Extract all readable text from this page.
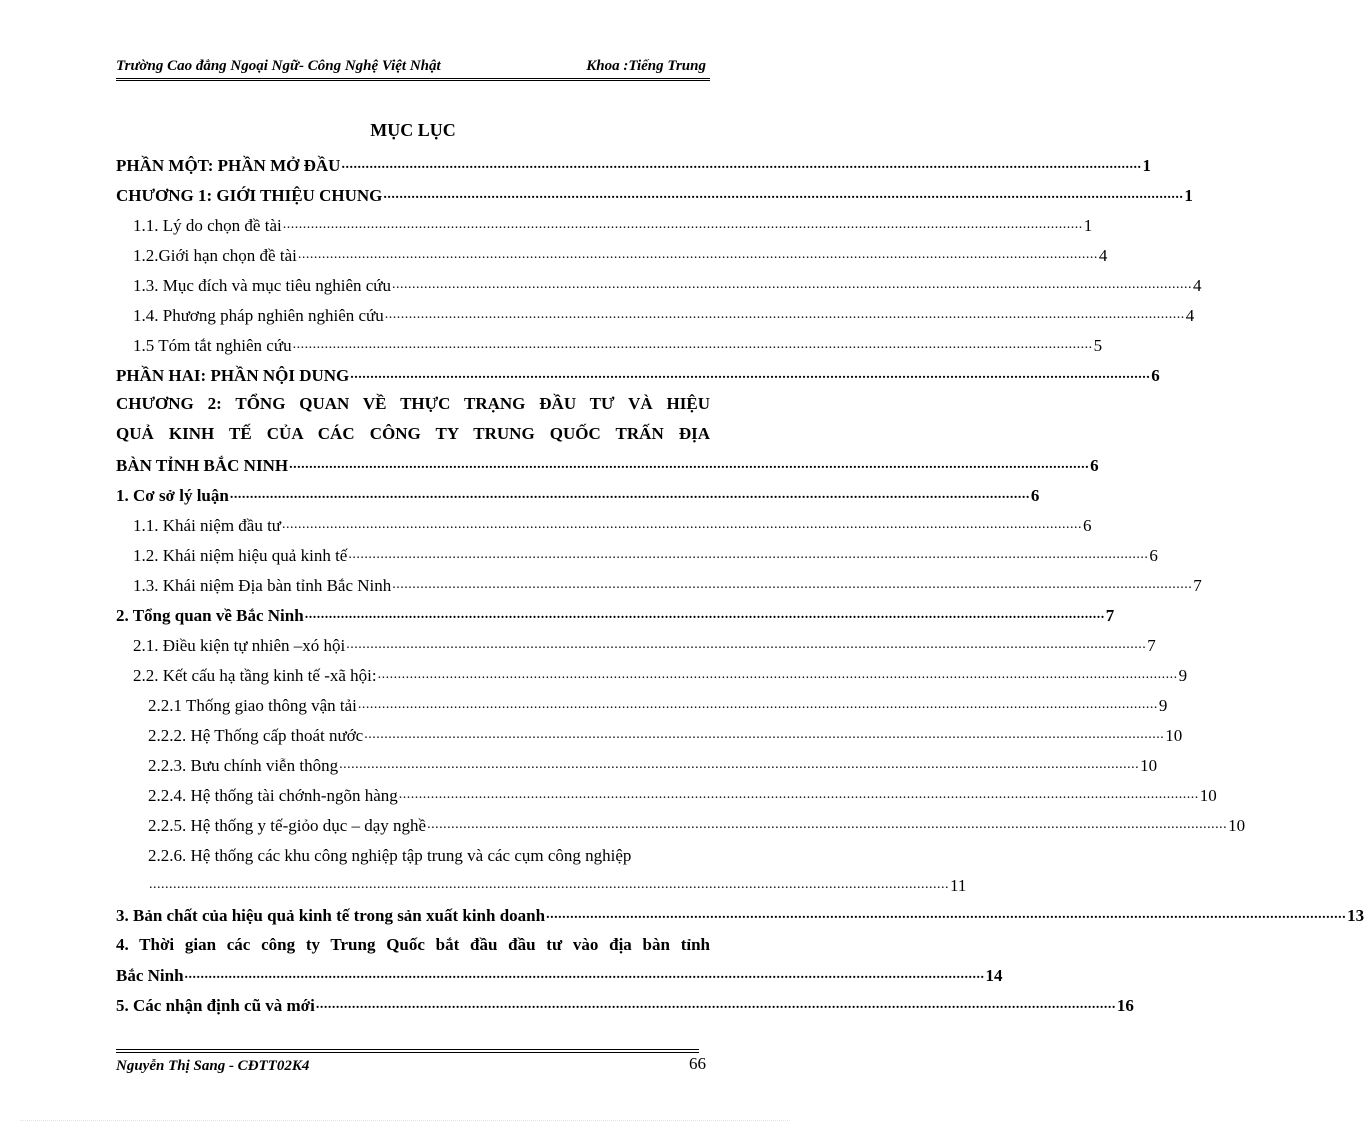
Trường Cao đẳng Ngoại Ngữ- Công Nghệ Việt Nhật	Khoa :Tiếng Trung
MỤC LỤC
PHẦN MỘT: PHẦN MỞ ĐẦU ........................................................................................................................................................................................................ 1
CHƯƠNG 1: GIỚI THIỆU CHUNG ........................................................................................................................................................................................................ 1
1.1. Lý do chọn đề tài ........................................................................................................................................................................................................ 1
1.2.Giới hạn chọn đề tài ........................................................................................................................................................................................................ 4
1.3. Mục đích và mục tiêu nghiên cứu ........................................................................................................................................................................................................ 4
1.4. Phương pháp nghiên nghiên cứu ........................................................................................................................................................................................................ 4
1.5 Tóm tắt nghiên cứu ........................................................................................................................................................................................................ 5
PHẦN HAI: PHẦN NỘI DUNG ........................................................................................................................................................................................................ 6
CHƯƠNG 2: TỔNG QUAN VỀ THỰC TRẠNG ĐẦU TƯ VÀ HIỆU
QUẢ KINH TẾ CỦA CÁC CÔNG TY TRUNG QUỐC TRẤN ĐỊA
BÀN TỈNH BẮC NINH ........................................................................................................................................................................................................ 6
1. Cơ sở lý luận ........................................................................................................................................................................................................ 6
1.1. Khái niệm đầu tư ........................................................................................................................................................................................................ 6
1.2. Khái niệm hiệu quả kinh tế ........................................................................................................................................................................................................ 6
1.3. Khái niệm Địa bàn tỉnh Bắc Ninh ........................................................................................................................................................................................................ 7
2. Tổng quan về Bắc Ninh ........................................................................................................................................................................................................ 7
2.1. Điều kiện tự nhiên –xó hội ........................................................................................................................................................................................................ 7
2.2. Kết cấu hạ tầng kinh tế -xã hội: ........................................................................................................................................................................................................ 9
2.2.1 Thống giao thông vận tải ........................................................................................................................................................................................................ 9
2.2.2. Hệ Thống cấp thoát nước ........................................................................................................................................................................................................ 10
2.2.3. Bưu chính viễn thông ........................................................................................................................................................................................................ 10
2.2.4. Hệ thống tài chớnh-ngõn hàng ........................................................................................................................................................................................................ 10
2.2.5. Hệ thống y tế-giỏo dục – dạy nghề ........................................................................................................................................................................................................ 10
2.2.6. Hệ thống các khu công nghiệp tập trung và các cụm công nghiệp
........................................................................................................................................................................................................ 11
3. Bản chất của hiệu quả kinh tế trong sản xuất kinh doanh ........................................................................................................................................................................................................ 13
4. Thời gian các công ty Trung Quốc bắt đầu đầu tư vào địa bàn tỉnh
Bắc Ninh ........................................................................................................................................................................................................ 14
5. Các nhận định cũ và mới ........................................................................................................................................................................................................ 16
Nguyễn Thị Sang - CĐTT02K4	66
